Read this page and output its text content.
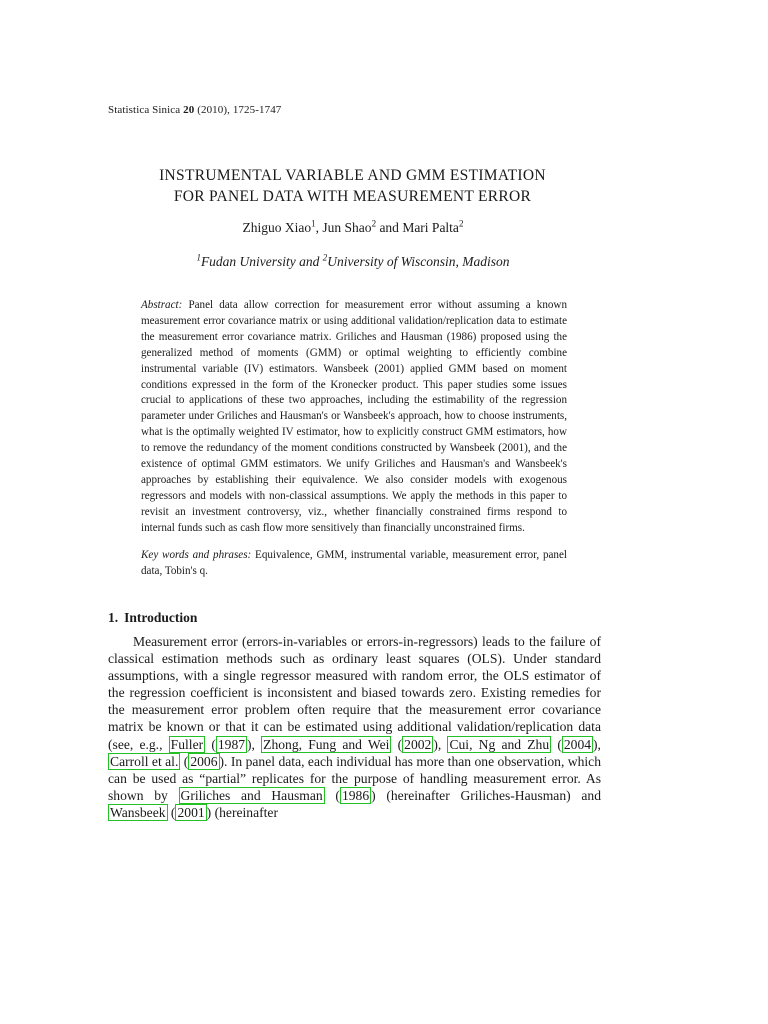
Statistica Sinica 20 (2010), 1725-1747
INSTRUMENTAL VARIABLE AND GMM ESTIMATION
FOR PANEL DATA WITH MEASUREMENT ERROR
Zhiguo Xiao$^1$, Jun Shao$^2$ and Mari Palta$^2$
$^1$Fudan University and $^2$University of Wisconsin, Madison
Abstract: Panel data allow correction for measurement error without assuming a known measurement error covariance matrix or using additional validation/replication data to estimate the measurement error covariance matrix. Griliches and Hausman (1986) proposed using the generalized method of moments (GMM) or optimal weighting to efficiently combine instrumental variable (IV) estimators. Wansbeek (2001) applied GMM based on moment conditions expressed in the form of the Kronecker product. This paper studies some issues crucial to applications of these two approaches, including the estimability of the regression parameter under Griliches and Hausman's or Wansbeek's approach, how to choose instruments, what is the optimally weighted IV estimator, how to explicitly construct GMM estimators, how to remove the redundancy of the moment conditions constructed by Wansbeek (2001), and the existence of optimal GMM estimators. We unify Griliches and Hausman's and Wansbeek's approaches by establishing their equivalence. We also consider models with exogenous regressors and models with non-classical assumptions. We apply the methods in this paper to revisit an investment controversy, viz., whether financially constrained firms respond to internal funds such as cash flow more sensitively than financially unconstrained firms.
Key words and phrases: Equivalence, GMM, instrumental variable, measurement error, panel data, Tobin's q.
1. Introduction
Measurement error (errors-in-variables or errors-in-regressors) leads to the failure of classical estimation methods such as ordinary least squares (OLS). Under standard assumptions, with a single regressor measured with random error, the OLS estimator of the regression coefficient is inconsistent and biased towards zero. Existing remedies for the measurement error problem often require that the measurement error covariance matrix be known or that it can be estimated using additional validation/replication data (see, e.g., Fuller ( 1987 ), Zhong, Fung and Wei ( 2002 ), Cui, Ng and Zhu ( 2004 ), Carroll et al. ( 2006 ). In panel data, each individual has more than one observation, which can be used as “partial” replicates for the purpose of handling measurement error. As shown by Griliches and Hausman ( 1986 ) (hereinafter Griliches-Hausman) and Wansbeek ( 2001 ) (hereinafter
